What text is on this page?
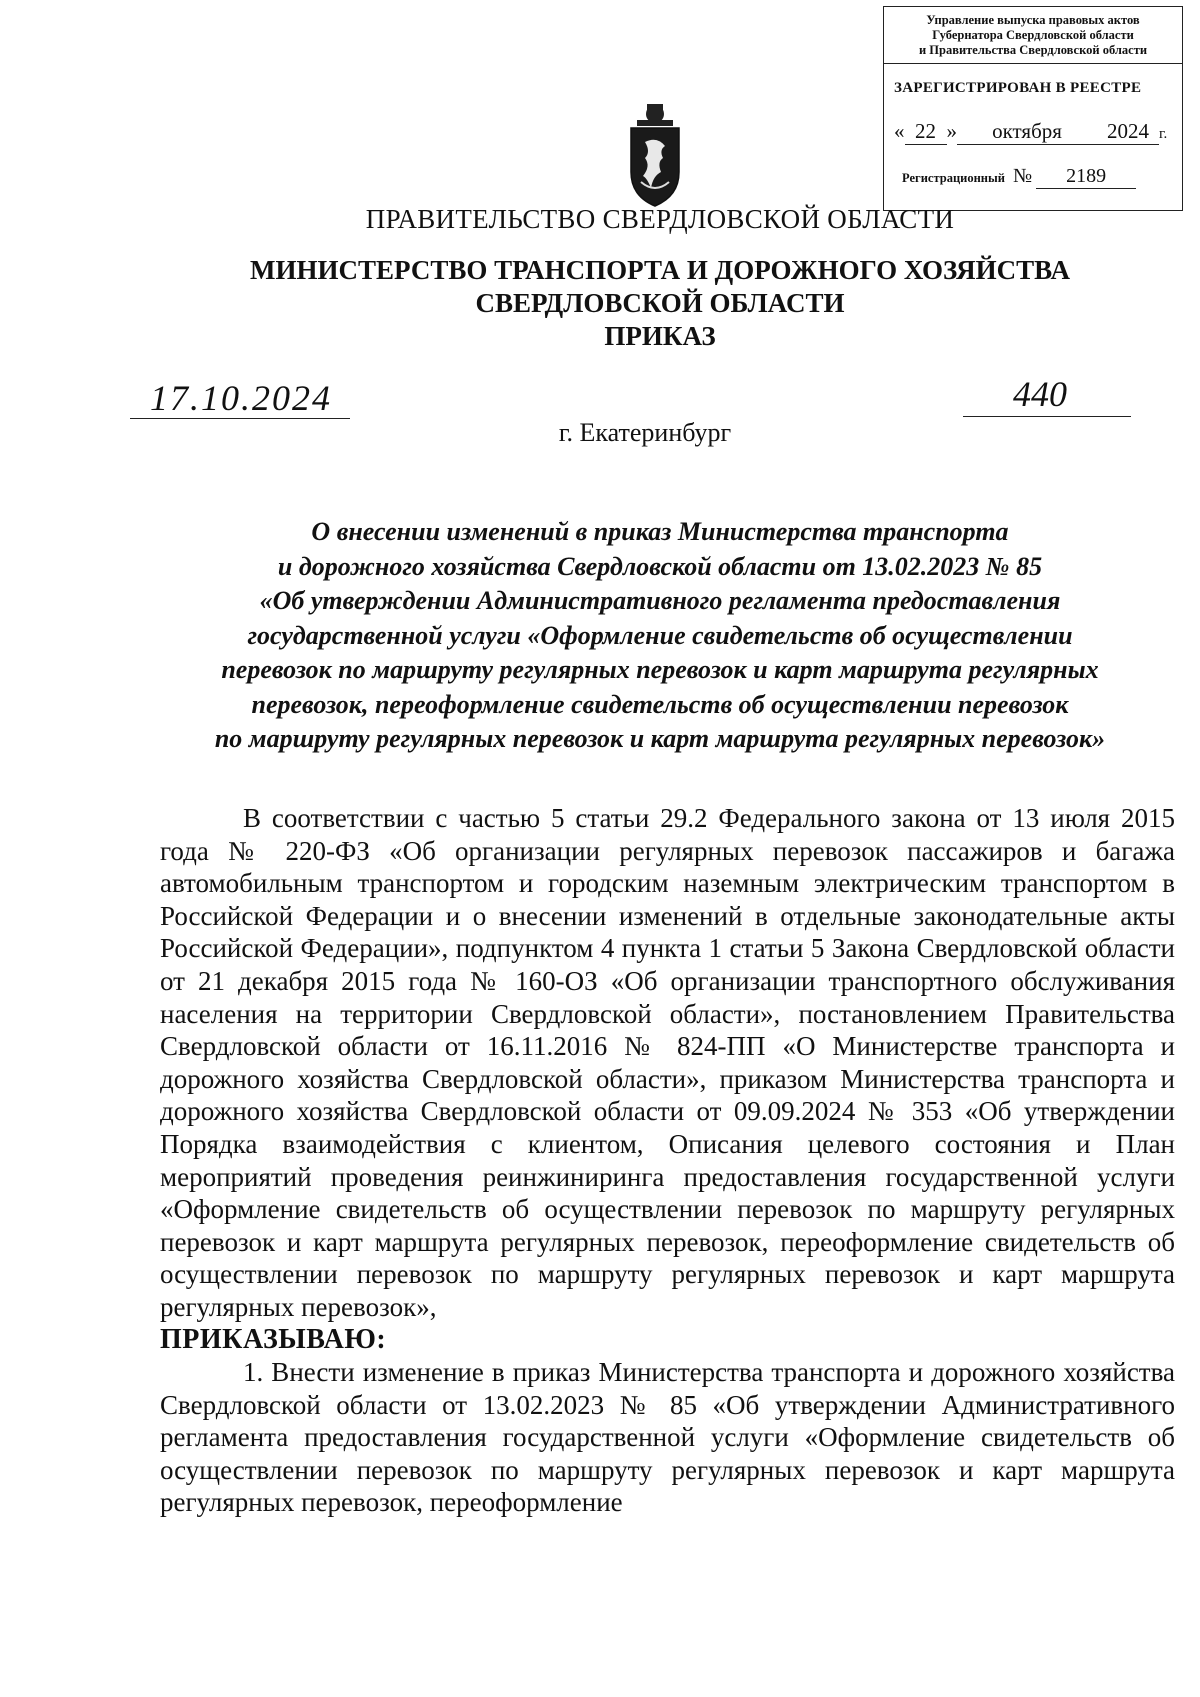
Управление выпуска правовых актов
Губернатора Свердловской области
и Правительства Свердловской области
ЗАРЕГИСТРИРОВАН В РЕЕСТРЕ
« 22 » октября 2024 г.
Регистрационный № 2189
ПРАВИТЕЛЬСТВО СВЕРДЛОВСКОЙ ОБЛАСТИ
МИНИСТЕРСТВО ТРАНСПОРТА И ДОРОЖНОГО ХОЗЯЙСТВА
СВЕРДЛОВСКОЙ ОБЛАСТИ
ПРИКАЗ
17.10.2024	440
г. Екатеринбург
О внесении изменений в приказ Министерства транспорта
и дорожного хозяйства Свердловской области от 13.02.2023 № 85
«Об утверждении Административного регламента предоставления
государственной услуги «Оформление свидетельств об осуществлении
перевозок по маршруту регулярных перевозок и карт маршрута регулярных
перевозок, переоформление свидетельств об осуществлении перевозок
по маршруту регулярных перевозок и карт маршрута регулярных перевозок»

В соответствии с частью 5 статьи 29.2 Федерального закона от 13 июля 2015 года № 220-ФЗ «Об организации регулярных перевозок пассажиров и багажа автомобильным транспортом и городским наземным электрическим транспортом в Российской Федерации и о внесении изменений в отдельные законодательные акты Российской Федерации», подпунктом 4 пункта 1 статьи 5 Закона Свердловской области от 21 декабря 2015 года № 160-ОЗ «Об организации транспортного обслуживания населения на территории Свердловской области», постановлением Правительства Свердловской области от 16.11.2016 № 824-ПП «О Министерстве транспорта и дорожного хозяйства Свердловской области», приказом Министерства транспорта и дорожного хозяйства Свердловской области от 09.09.2024 № 353 «Об утверждении Порядка взаимодействия с клиентом, Описания целевого состояния и План мероприятий проведения реинжиниринга предоставления государственной услуги «Оформление свидетельств об осуществлении перевозок по маршруту регулярных перевозок и карт маршрута регулярных перевозок, переоформление свидетельств об осуществлении перевозок по маршруту регулярных перевозок и карт маршрута регулярных перевозок»,

ПРИКАЗЫВАЮ:

1. Внести изменение в приказ Министерства транспорта и дорожного хозяйства Свердловской области от 13.02.2023 № 85 «Об утверждении Административного регламента предоставления государственной услуги «Оформление свидетельств об осуществлении перевозок по маршруту регулярных перевозок и карт маршрута регулярных перевозок, переоформление
